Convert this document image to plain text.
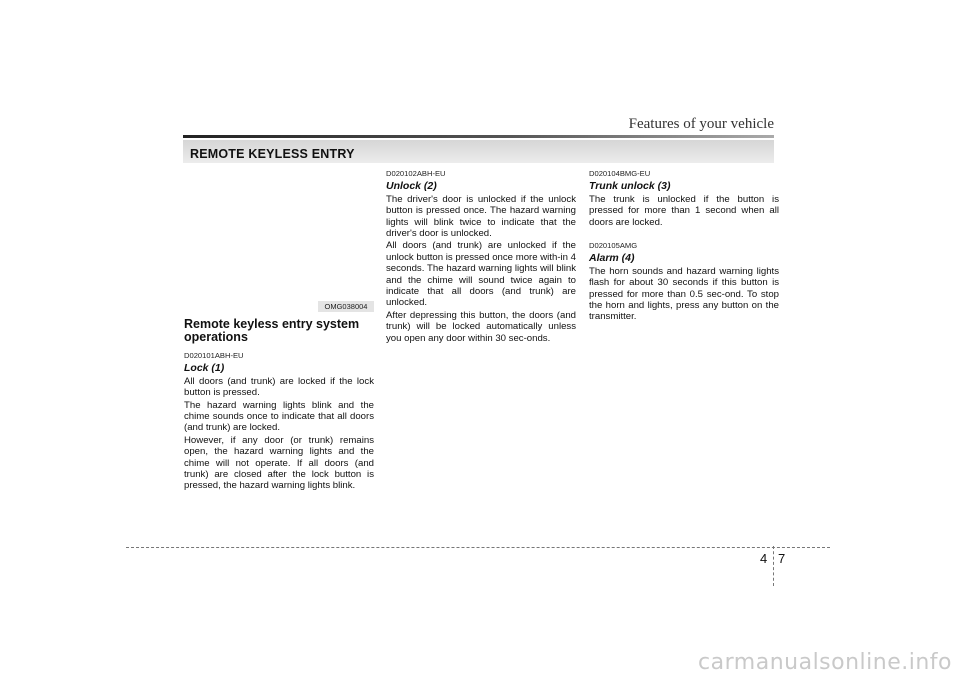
Features of your vehicle
REMOTE KEYLESS ENTRY
OMG038004
Remote keyless entry system operations
D020101ABH-EU
Lock (1)

All doors (and trunk) are locked if the lock button is pressed.

The hazard warning lights blink and the chime sounds once to indicate that all doors (and trunk) are locked.

However, if any door (or trunk) remains open, the hazard warning lights and the chime will not operate. If all doors (and trunk) are closed after the lock button is pressed, the hazard warning lights blink.

D020102ABH-EU
Unlock (2)

The driver's door is unlocked if the unlock button is pressed once. The hazard warning lights will blink twice to indicate that the driver's door is unlocked.

All doors (and trunk) are unlocked if the unlock button is pressed once more with-in 4 seconds. The hazard warning lights will blink and the chime will sound twice again to indicate that all doors (and trunk) are unlocked.

After depressing this button, the doors (and trunk) will be locked automatically unless you open any door within 30 sec-onds.

D020104BMG-EU
Trunk unlock (3)

The trunk is unlocked if the button is pressed for more than 1 second when all doors are locked.

D020105AMG
Alarm (4)

The horn sounds and hazard warning lights flash for about 30 seconds if this button is pressed for more than 0.5 sec-ond. To stop the horn and lights, press any button on the transmitter.

4 7
carmanualsonline.info
